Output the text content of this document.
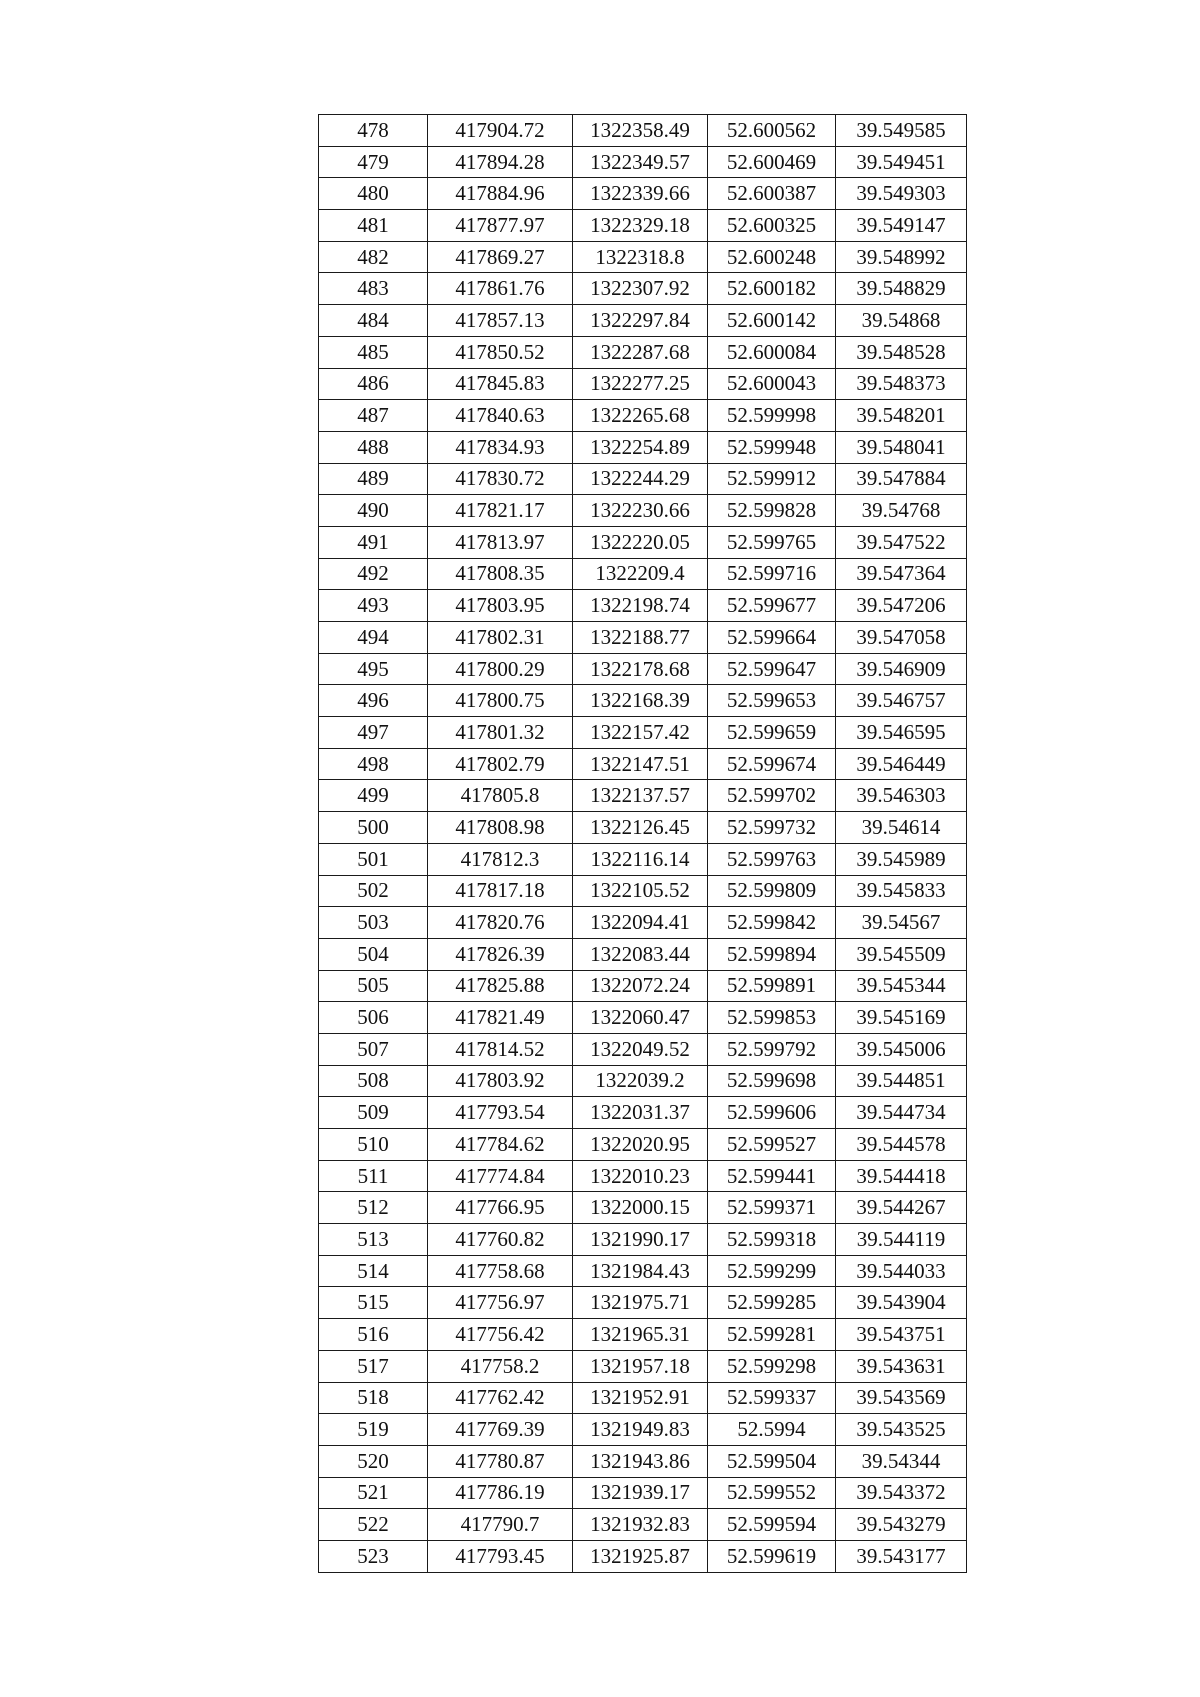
478	417904.72	1322358.49	52.600562	39.549585
479	417894.28	1322349.57	52.600469	39.549451
480	417884.96	1322339.66	52.600387	39.549303
481	417877.97	1322329.18	52.600325	39.549147
482	417869.27	1322318.8	52.600248	39.548992
483	417861.76	1322307.92	52.600182	39.548829
484	417857.13	1322297.84	52.600142	39.54868
485	417850.52	1322287.68	52.600084	39.548528
486	417845.83	1322277.25	52.600043	39.548373
487	417840.63	1322265.68	52.599998	39.548201
488	417834.93	1322254.89	52.599948	39.548041
489	417830.72	1322244.29	52.599912	39.547884
490	417821.17	1322230.66	52.599828	39.54768
491	417813.97	1322220.05	52.599765	39.547522
492	417808.35	1322209.4	52.599716	39.547364
493	417803.95	1322198.74	52.599677	39.547206
494	417802.31	1322188.77	52.599664	39.547058
495	417800.29	1322178.68	52.599647	39.546909
496	417800.75	1322168.39	52.599653	39.546757
497	417801.32	1322157.42	52.599659	39.546595
498	417802.79	1322147.51	52.599674	39.546449
499	417805.8	1322137.57	52.599702	39.546303
500	417808.98	1322126.45	52.599732	39.54614
501	417812.3	1322116.14	52.599763	39.545989
502	417817.18	1322105.52	52.599809	39.545833
503	417820.76	1322094.41	52.599842	39.54567
504	417826.39	1322083.44	52.599894	39.545509
505	417825.88	1322072.24	52.599891	39.545344
506	417821.49	1322060.47	52.599853	39.545169
507	417814.52	1322049.52	52.599792	39.545006
508	417803.92	1322039.2	52.599698	39.544851
509	417793.54	1322031.37	52.599606	39.544734
510	417784.62	1322020.95	52.599527	39.544578
511	417774.84	1322010.23	52.599441	39.544418
512	417766.95	1322000.15	52.599371	39.544267
513	417760.82	1321990.17	52.599318	39.544119
514	417758.68	1321984.43	52.599299	39.544033
515	417756.97	1321975.71	52.599285	39.543904
516	417756.42	1321965.31	52.599281	39.543751
517	417758.2	1321957.18	52.599298	39.543631
518	417762.42	1321952.91	52.599337	39.543569
519	417769.39	1321949.83	52.5994	39.543525
520	417780.87	1321943.86	52.599504	39.54344
521	417786.19	1321939.17	52.599552	39.543372
522	417790.7	1321932.83	52.599594	39.543279
523	417793.45	1321925.87	52.599619	39.543177
